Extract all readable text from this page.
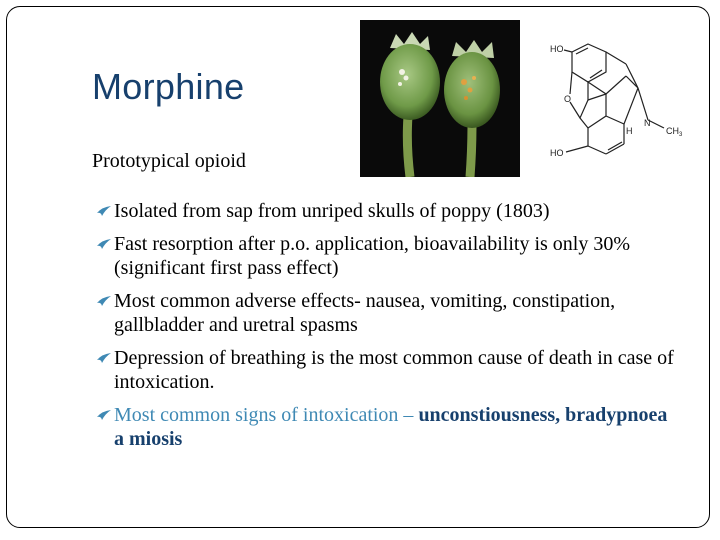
Morphine
Prototypical opioid
HO
O
H
N
$CH_3$
HO
Isolated from sap from unriped skulls of poppy (1803)
Fast resorption after p.o. application, bioavailability is only 30% (significant first pass effect)
Most common adverse effects- nausea, vomiting, constipation, gallbladder and uretral spasms
Depression of breathing is the most common cause of death in case of intoxication.
Most common signs of intoxication – unconstiousness, bradypnoea a miosis
